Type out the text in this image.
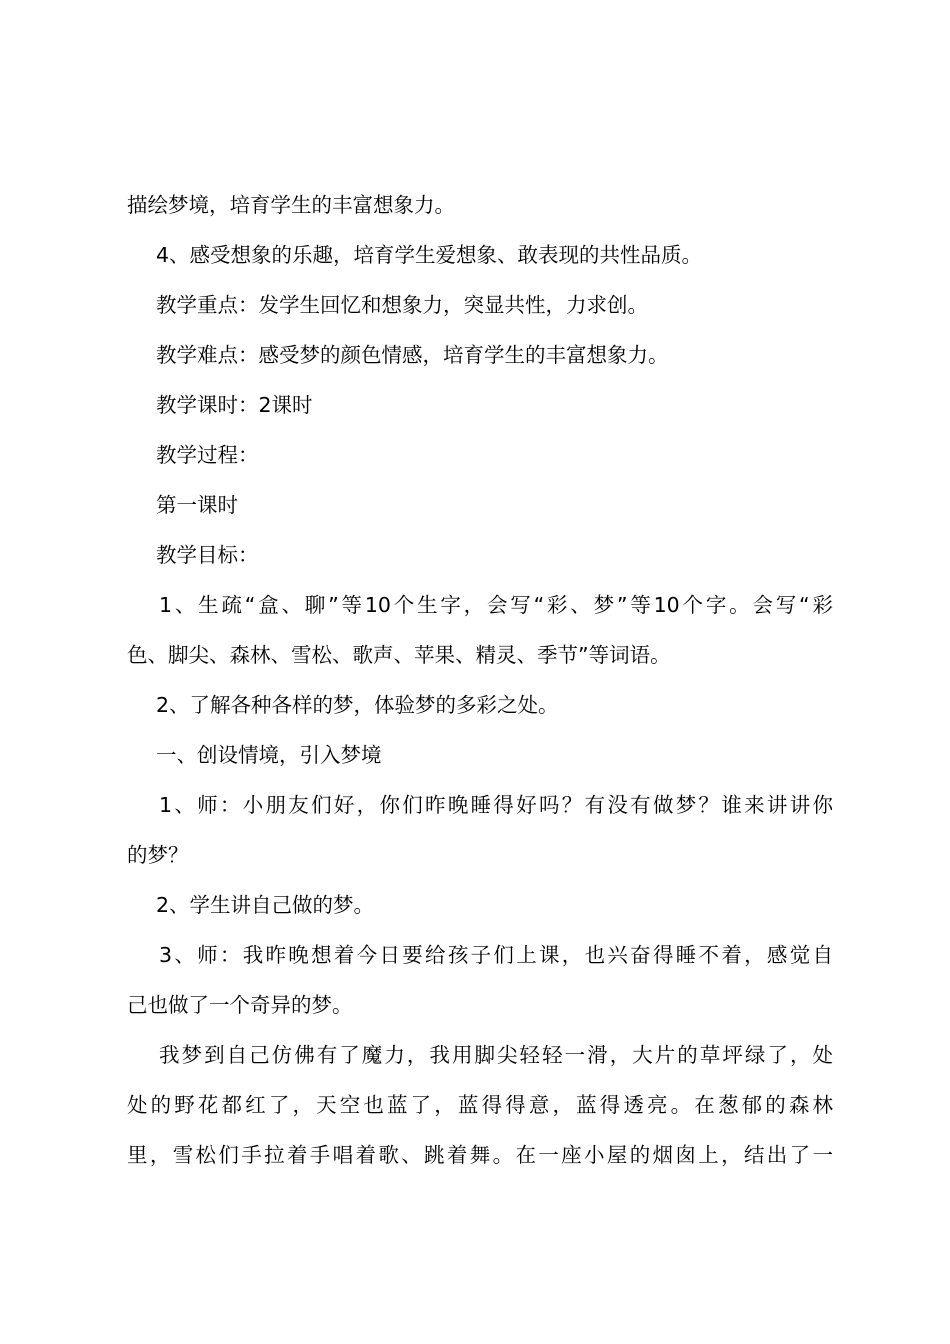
描绘梦境，培育学生的丰富想象力。
4、感受想象的乐趣，培育学生爱想象、敢表现的共性品质。
教学重点：发学生回忆和想象力，突显共性，力求创。
教学难点：感受梦的颜色情感，培育学生的丰富想象力。
教学课时：2课时
教学过程：
第一课时
教学目标：
1、生疏“盒、聊”等10个生字，会写“彩、梦”等10个字。会写“彩
色、脚尖、森林、雪松、歌声、苹果、精灵、季节”等词语。
2、了解各种各样的梦，体验梦的多彩之处。
一、创设情境，引入梦境
1、师：小朋友们好，你们昨晚睡得好吗？有没有做梦？谁来讲讲你
的梦？
2、学生讲自己做的梦。
3、师：我昨晚想着今日要给孩子们上课，也兴奋得睡不着，感觉自
己也做了一个奇异的梦。
我梦到自己仿佛有了魔力，我用脚尖轻轻一滑，大片的草坪绿了，处
处的野花都红了，天空也蓝了，蓝得得意，蓝得透亮。在葱郁的森林
里，雪松们手拉着手唱着歌、跳着舞。在一座小屋的烟囱上，结出了一
